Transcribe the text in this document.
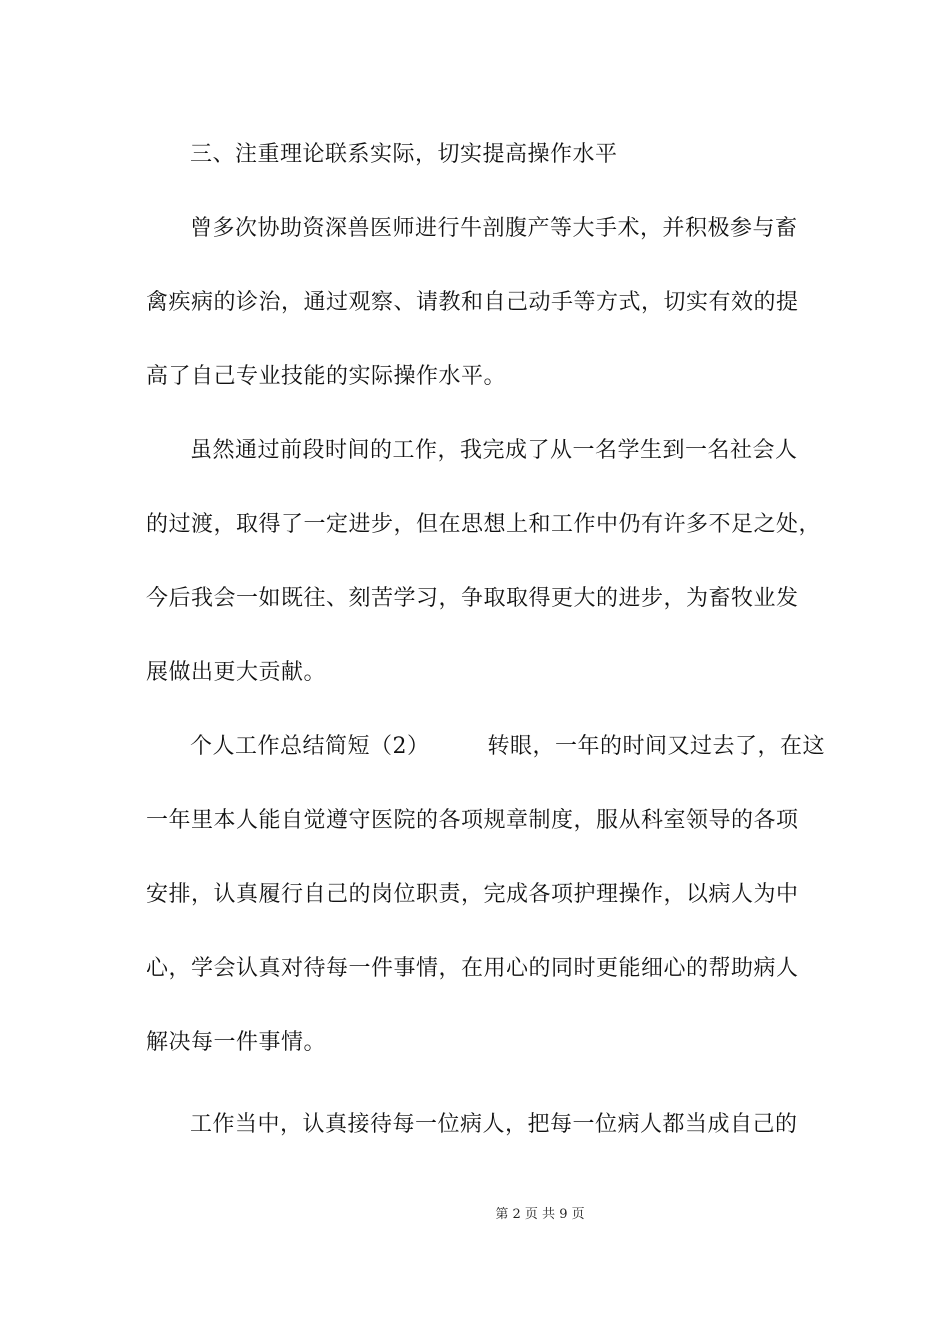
三、注重理论联系实际，切实提高操作水平
曾多次协助资深兽医师进行牛剖腹产等大手术，并积极参与畜
禽疾病的诊治，通过观察、请教和自己动手等方式，切实有效的提
高了自己专业技能的实际操作水平。
虽然通过前段时间的工作，我完成了从一名学生到一名社会人
的过渡，取得了一定进步，但在思想上和工作中仍有许多不足之处，
今后我会一如既往、刻苦学习，争取取得更大的进步，为畜牧业发
展做出更大贡献。
个人工作总结简短（2）	转眼，一年的时间又过去了，在这
一年里本人能自觉遵守医院的各项规章制度，服从科室领导的各项
安排，认真履行自己的岗位职责，完成各项护理操作，以病人为中
心，学会认真对待每一件事情，在用心的同时更能细心的帮助病人
解决每一件事情。
工作当中，认真接待每一位病人，把每一位病人都当成自己的
第 2 页 共 9 页
